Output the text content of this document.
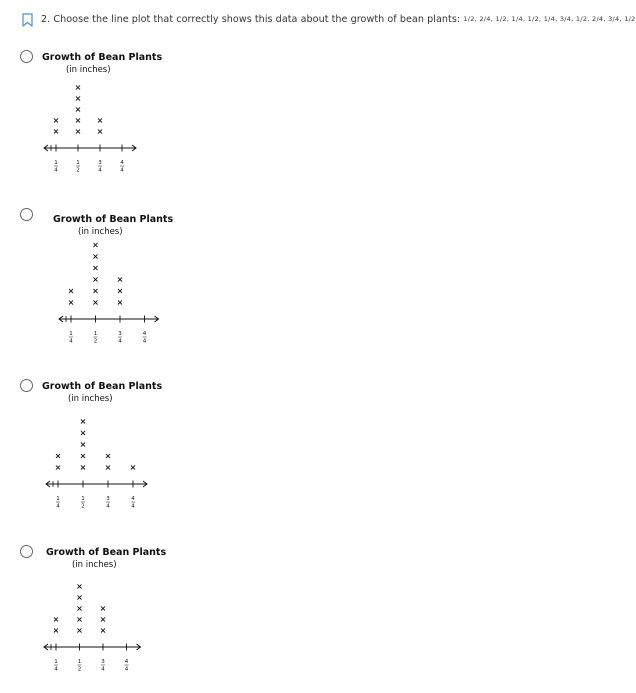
2. Choose the line plot that correctly shows this data about the growth of bean plants: 1/2, 2/4, 1/2, 1/4, 1/2, 1/4, 3/4, 1/2, 2/4, 3/4, 1/2
Growth of Bean Plants
(in inches)
1
4
×
×
1
2
×
×
×
×
×
3
4
×
×
4
4
Growth of Bean Plants
(in inches)
1
4
×
×
1
2
×
×
×
×
×
×
3
4
×
×
×
4
4
Growth of Bean Plants
(in inches)
1
4
×
×
1
2
×
×
×
×
×
3
4
×
×
4
4
×
Growth of Bean Plants
(in inches)
1
4
×
×
1
2
×
×
×
×
×
3
4
×
×
×
4
4
